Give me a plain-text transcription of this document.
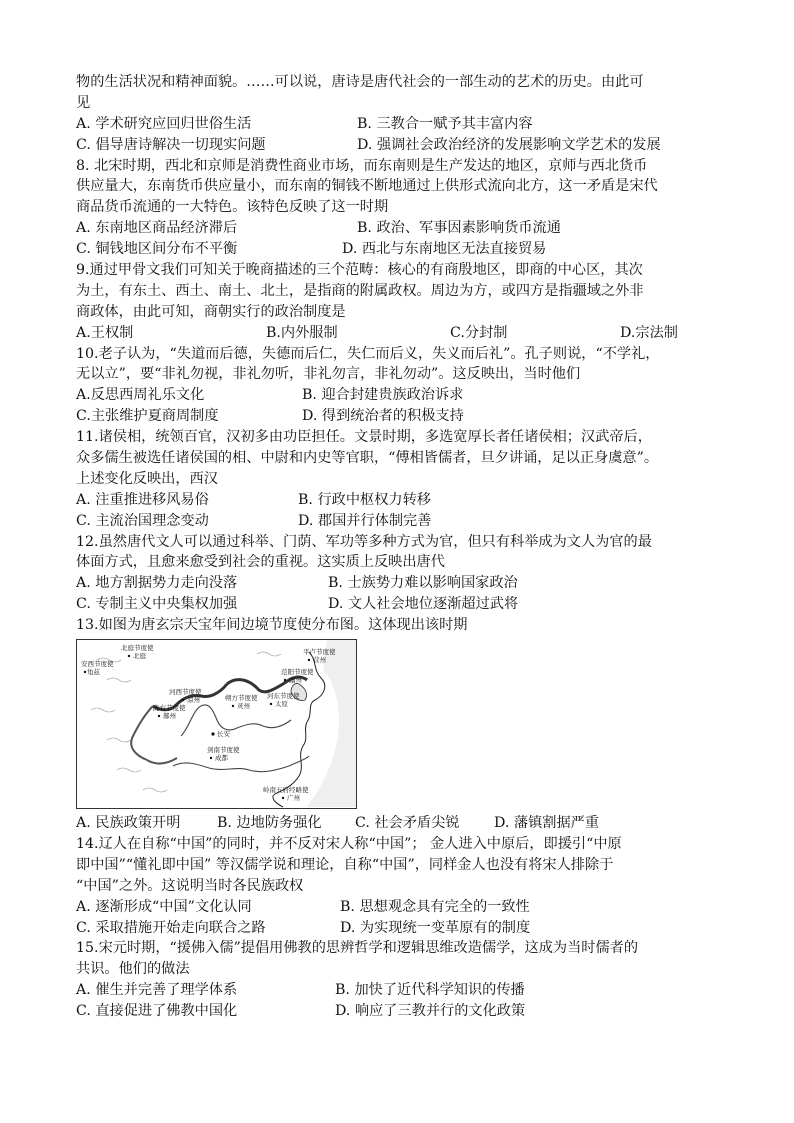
物的生活状况和精神面貌。……可以说，唐诗是唐代社会的一部生动的艺术的历史。由此可
见
A. 学术研究应回归世俗生活	B. 三教合一赋予其丰富内容
C. 倡导唐诗解决一切现实问题	D. 强调社会政治经济的发展影响文学艺术的发展
8. 北宋时期，西北和京师是消费性商业市场，而东南则是生产发达的地区，京师与西北货币
供应量大，东南货币供应量小，而东南的铜钱不断地通过上供形式流向北方，这一矛盾是宋代
商品货币流通的一大特色。该特色反映了这一时期
A. 东南地区商品经济滞后	B. 政治、军事因素影响货币流通
C. 铜钱地区间分布不平衡	D. 西北与东南地区无法直接贸易
9.通过甲骨文我们可知关于晚商描述的三个范畴：核心的有商殷地区，即商的中心区，其次
为土，有东土、西土、南土、北土，是指商的附属政权。周边为方，或四方是指疆域之外非
商政体，由此可知，商朝实行的政治制度是
A.王权制	B.内外服制	C.分封制	D.宗法制
10.老子认为，“失道而后德，失德而后仁，失仁而后义，失义而后礼”。孔子则说，“不学礼，
无以立”，要“非礼勿视，非礼勿听，非礼勿言，非礼勿动”。这反映出，当时他们
A.反思西周礼乐文化	B. 迎合封建贵族政治诉求
C.主张维护夏商周制度	D. 得到统治者的积极支持
11.诸侯相，统领百官，汉初多由功臣担任。文景时期，多选宽厚长者任诸侯相；汉武帝后，
众多儒生被选任诸侯国的相、中尉和内史等官职，“傅相皆儒者，旦夕讲诵，足以正身虞意”。
上述变化反映出，西汉
A. 注重推进移风易俗	B. 行政中枢权力转移
C. 主流治国理念变动	D. 郡国并行体制完善
12.虽然唐代文人可以通过科举、门荫、军功等多种方式为官，但只有科举成为文人为官的最
体面方式，且愈来愈受到社会的重视。这实质上反映出唐代
A. 地方割据势力走向没落	B. 士族势力难以影响国家政治
C. 专制主义中央集权加强	D. 文人社会地位逐渐超过武将
13.如图为唐玄宗天宝年间边境节度使分布图。这体现出该时期
北庭节度使
北庭
安西节度使
龟兹
河西节度使
凉州
陇右节度使
鄯州
朔方节度使
灵州
河东节度使
太原
范阳节度使
幽州
平卢节度使
营州
长安
剑南节度使
成都
岭南五府经略使
广州
A. 民族政策开明	B. 边地防务强化 C. 社会矛盾尖锐 D. 藩镇割据严重
14.辽人在自称“中国”的同时，并不反对宋人称“中国”； 金人进入中原后，即援引“中原
即中国”“懂礼即中国” 等汉儒学说和理论，自称“中国”，同样金人也没有将宋人排除于
“中国”之外。这说明当时各民族政权
A. 逐渐形成“中国”文化认同	B. 思想观念具有完全的一致性
C. 采取措施开始走向联合之路	D. 为实现统一变革原有的制度
15.宋元时期，“援佛入儒”提倡用佛教的思辨哲学和逻辑思维改造儒学，这成为当时儒者的
共识。他们的做法
A. 催生并完善了理学体系	B. 加快了近代科学知识的传播
C. 直接促进了佛教中国化	D. 响应了三教并行的文化政策
